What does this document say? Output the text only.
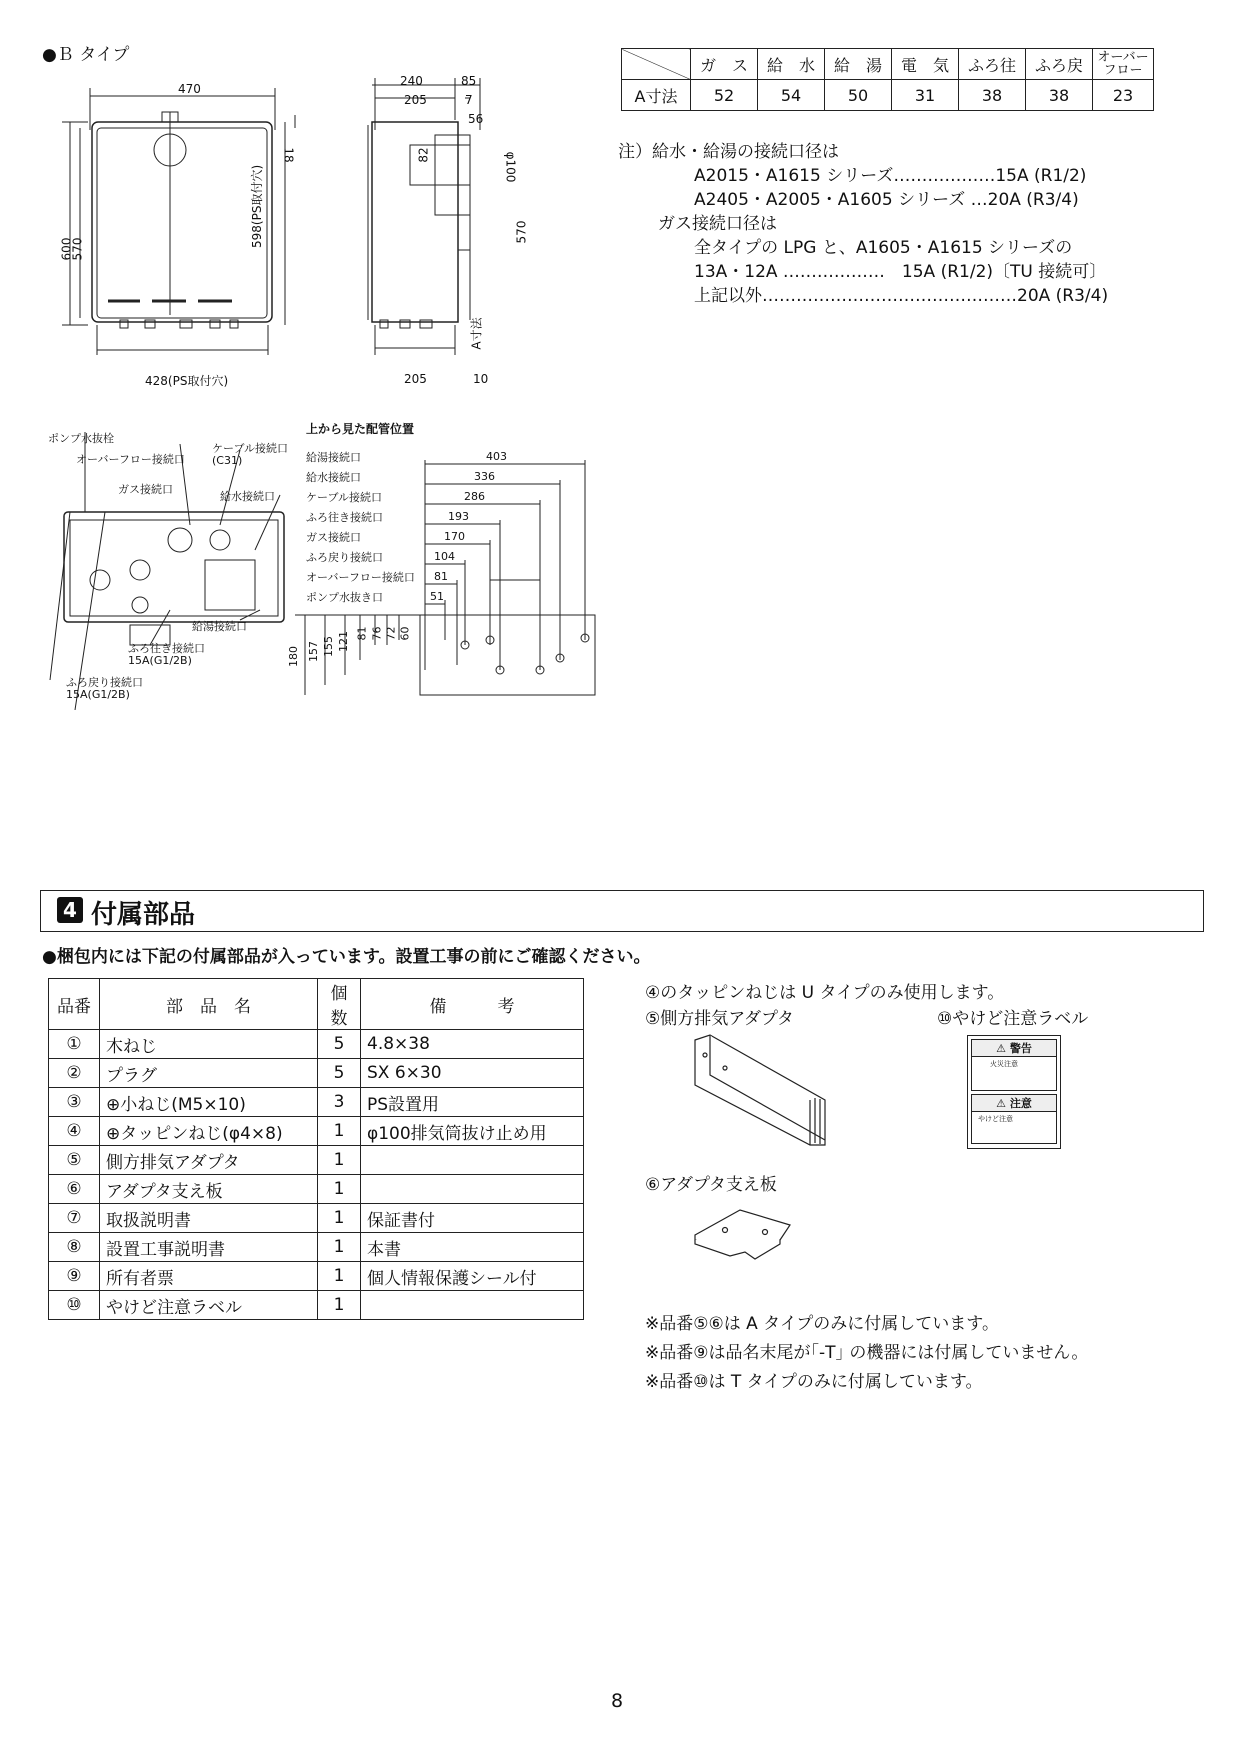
●Ｂ タイプ
470
600
570
18
598(PS取付穴)
428(PS取付穴)
240	85
205	7
56
82	φ100
570
A寸法
205	10
	ガ　ス	給　水	給　湯	電　気	ふろ往	ふろ戻	オーバーフロー
A寸法	52	54	50	31	38	38	23
注）給水・給湯の接続口径は
A2015・A1615 シリーズ………………15A (R1/2)
A2405・A2005・A1605 シリーズ …20A (R3/4)
ガス接続口径は
全タイプの LPG と、A1605・A1615 シリーズの
13A・12A ………………　15A (R1/2)〔TU 接続可〕
上記以外………………………………………20A (R3/4)
ポンプ水抜栓
オーバーフロー接続口
ケーブル接続口
(C31)
ガス接続口
給水接続口
給湯接続口
ふろ往き接続口
15A(G1/2B)
ふろ戻り接続口
15A(G1/2B)
上から見た配管位置
給湯接続口
給水接続口
ケーブル接続口
ふろ往き接続口
ガス接続口
ふろ戻り接続口
オーバーフロー接続口
ポンプ水抜き口
403
336
286
193
170
104
81
51
180 157 155 121 81 76 72 60
4 付属部品
●梱包内には下記の付属部品が入っています。設置工事の前にご確認ください。
品番	部　品　名	個数	備　　　考
①	木ねじ	5	4.8×38
②	プラグ	5	SX 6×30
③	⊕小ねじ(M5×10)	3	PS設置用
④	⊕タッピンねじ(φ4×8)	1	φ100排気筒抜け止め用
⑤	側方排気アダプタ	1	
⑥	アダプタ支え板	1	
⑦	取扱説明書	1	保証書付
⑧	設置工事説明書	1	本書
⑨	所有者票	1	個人情報保護シール付
⑩	やけど注意ラベル	1	
④のタッピンねじは U タイプのみ使用します。
⑤側方排気アダプタ	⑩やけど注意ラベル
⚠ 警告
火災注意
⚠ 注意
やけど注意
⑥アダプタ支え板
※品番⑤⑥は A タイプのみに付属しています。
※品番⑨は品名末尾が｢-T｣ の機器には付属していません。
※品番⑩は T タイプのみに付属しています。
8
